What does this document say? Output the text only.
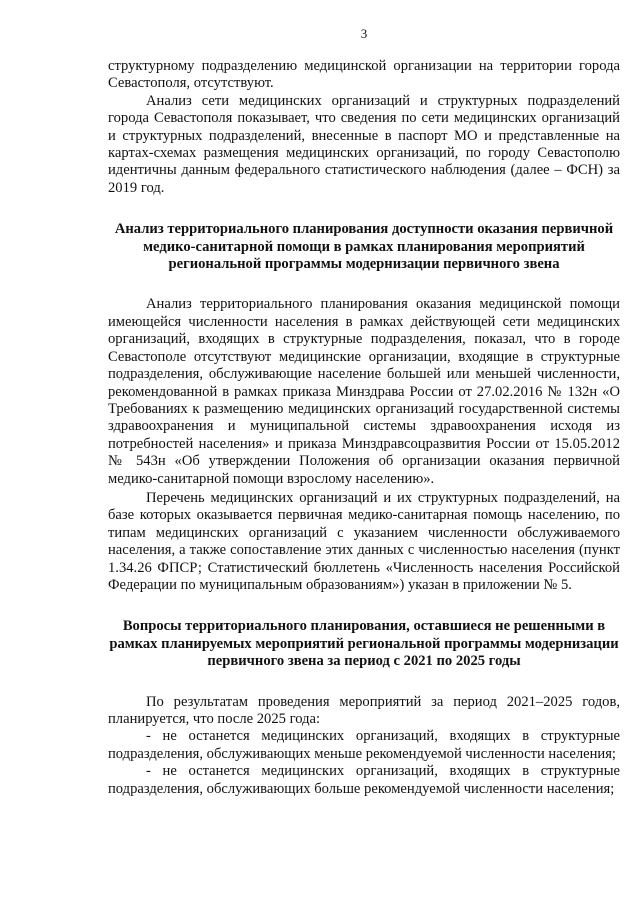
3

структурному подразделению медицинской организации на территории города Севастополя, отсутствуют.

Анализ сети медицинских организаций и структурных подразделений города Севастополя показывает, что сведения по сети медицинских организаций и структурных подразделений, внесенные в паспорт МО и представленные на картах-схемах размещения медицинских организаций, по городу Севастополю идентичны данным федерального статистического наблюдения (далее – ФСН) за 2019 год.

Анализ территориального планирования доступности оказания первичной медико-санитарной помощи в рамках планирования мероприятий региональной программы модернизации первичного звена

Анализ территориального планирования оказания медицинской помощи имеющейся численности населения в рамках действующей сети медицинских организаций, входящих в структурные подразделения, показал, что в городе Севастополе отсутствуют медицинские организации, входящие в структурные подразделения, обслуживающие население большей или меньшей численности, рекомендованной в рамках приказа Минздрава России от 27.02.2016 № 132н «О Требованиях к размещению медицинских организаций государственной системы здравоохранения и муниципальной системы здравоохранения исходя из потребностей населения» и приказа Минздравсоцразвития России от 15.05.2012 № 543н «Об утверждении Положения об организации оказания первичной медико-санитарной помощи взрослому населению».

Перечень медицинских организаций и их структурных подразделений, на базе которых оказывается первичная медико-санитарная помощь населению, по типам медицинских организаций с указанием численности обслуживаемого населения, а также сопоставление этих данных с численностью населения (пункт 1.34.26 ФПСР; Статистический бюллетень «Численность населения Российской Федерации по муниципальным образованиям») указан в приложении № 5.

Вопросы территориального планирования, оставшиеся не решенными в рамках планируемых мероприятий региональной программы модернизации первичного звена за период с 2021 по 2025 годы

По результатам проведения мероприятий за период 2021–2025 годов, планируется, что после 2025 года:

- не останется медицинских организаций, входящих в структурные подразделения, обслуживающих меньше рекомендуемой численности населения;

- не останется медицинских организаций, входящих в структурные подразделения, обслуживающих больше рекомендуемой численности населения;
